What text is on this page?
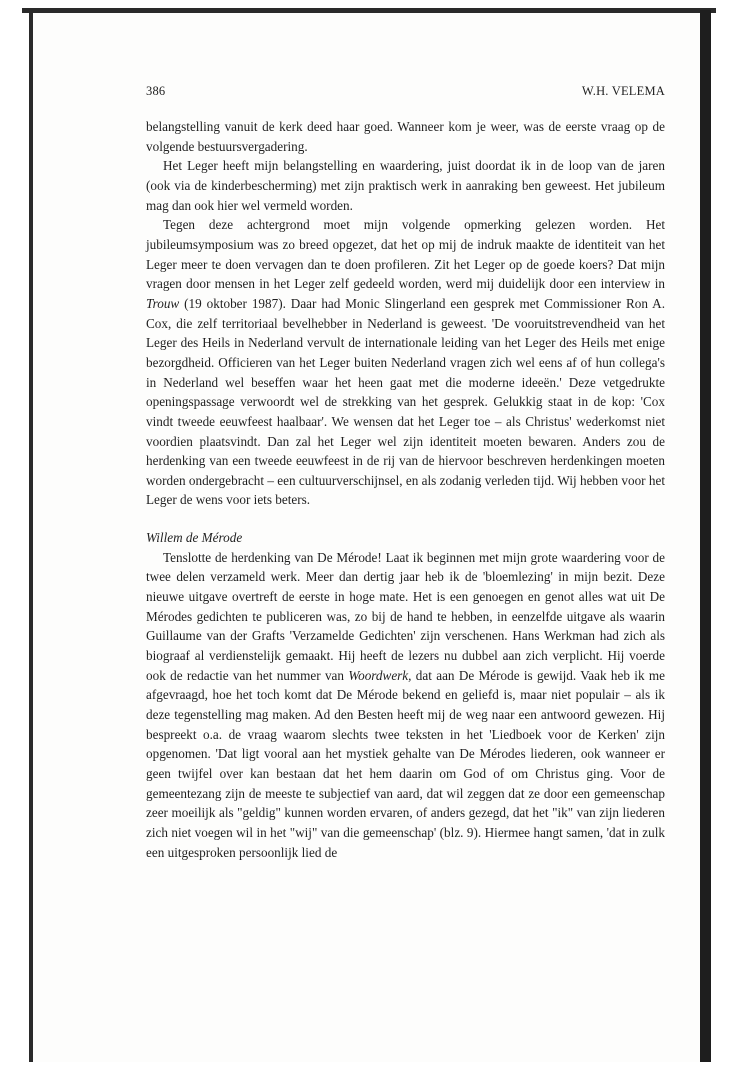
386	W.H. VELEMA

belangstelling vanuit de kerk deed haar goed. Wanneer kom je weer, was de eerste vraag op de volgende bestuursvergadering.

Het Leger heeft mijn belangstelling en waardering, juist doordat ik in de loop van de jaren (ook via de kinderbescherming) met zijn praktisch werk in aanraking ben geweest. Het jubileum mag dan ook hier wel vermeld worden.

Tegen deze achtergrond moet mijn volgende opmerking gelezen worden. Het jubileumsymposium was zo breed opgezet, dat het op mij de indruk maakte de identiteit van het Leger meer te doen vervagen dan te doen profileren. Zit het Leger op de goede koers? Dat mijn vragen door mensen in het Leger zelf gedeeld worden, werd mij duidelijk door een interview in Trouw (19 oktober 1987). Daar had Monic Slingerland een gesprek met Commissioner Ron A. Cox, die zelf territoriaal bevelhebber in Nederland is geweest. 'De vooruitstrevendheid van het Leger des Heils in Nederland vervult de internationale leiding van het Leger des Heils met enige bezorgdheid. Officieren van het Leger buiten Nederland vragen zich wel eens af of hun collega's in Nederland wel beseffen waar het heen gaat met die moderne ideeën.' Deze vetgedrukte openingspassage verwoordt wel de strekking van het gesprek. Gelukkig staat in de kop: 'Cox vindt tweede eeuwfeest haalbaar'. We wensen dat het Leger toe – als Christus' wederkomst niet voordien plaatsvindt. Dan zal het Leger wel zijn identiteit moeten bewaren. Anders zou de herdenking van een tweede eeuwfeest in de rij van de hiervoor beschreven herdenkingen moeten worden ondergebracht – een cultuurverschijnsel, en als zodanig verleden tijd. Wij hebben voor het Leger de wens voor iets beters.

Willem de Mérode

Tenslotte de herdenking van De Mérode! Laat ik beginnen met mijn grote waardering voor de twee delen verzameld werk. Meer dan dertig jaar heb ik de 'bloemlezing' in mijn bezit. Deze nieuwe uitgave overtreft de eerste in hoge mate. Het is een genoegen en genot alles wat uit De Mérodes gedichten te publiceren was, zo bij de hand te hebben, in eenzelfde uitgave als waarin Guillaume van der Grafts 'Verzamelde Gedichten' zijn verschenen. Hans Werkman had zich als biograaf al verdienstelijk gemaakt. Hij heeft de lezers nu dubbel aan zich verplicht. Hij voerde ook de redactie van het nummer van Woordwerk, dat aan De Mérode is gewijd. Vaak heb ik me afgevraagd, hoe het toch komt dat De Mérode bekend en geliefd is, maar niet populair – als ik deze tegenstelling mag maken. Ad den Besten heeft mij de weg naar een antwoord gewezen. Hij bespreekt o.a. de vraag waarom slechts twee teksten in het 'Liedboek voor de Kerken' zijn opgenomen. 'Dat ligt vooral aan het mystiek gehalte van De Mérodes liederen, ook wanneer er geen twijfel over kan bestaan dat het hem daarin om God of om Christus ging. Voor de gemeentezang zijn de meeste te subjectief van aard, dat wil zeggen dat ze door een gemeenschap zeer moeilijk als "geldig" kunnen worden ervaren, of anders gezegd, dat het "ik" van zijn liederen zich niet voegen wil in het "wij" van die gemeenschap' (blz. 9). Hiermee hangt samen, 'dat in zulk een uitgesproken persoonlijk lied de
